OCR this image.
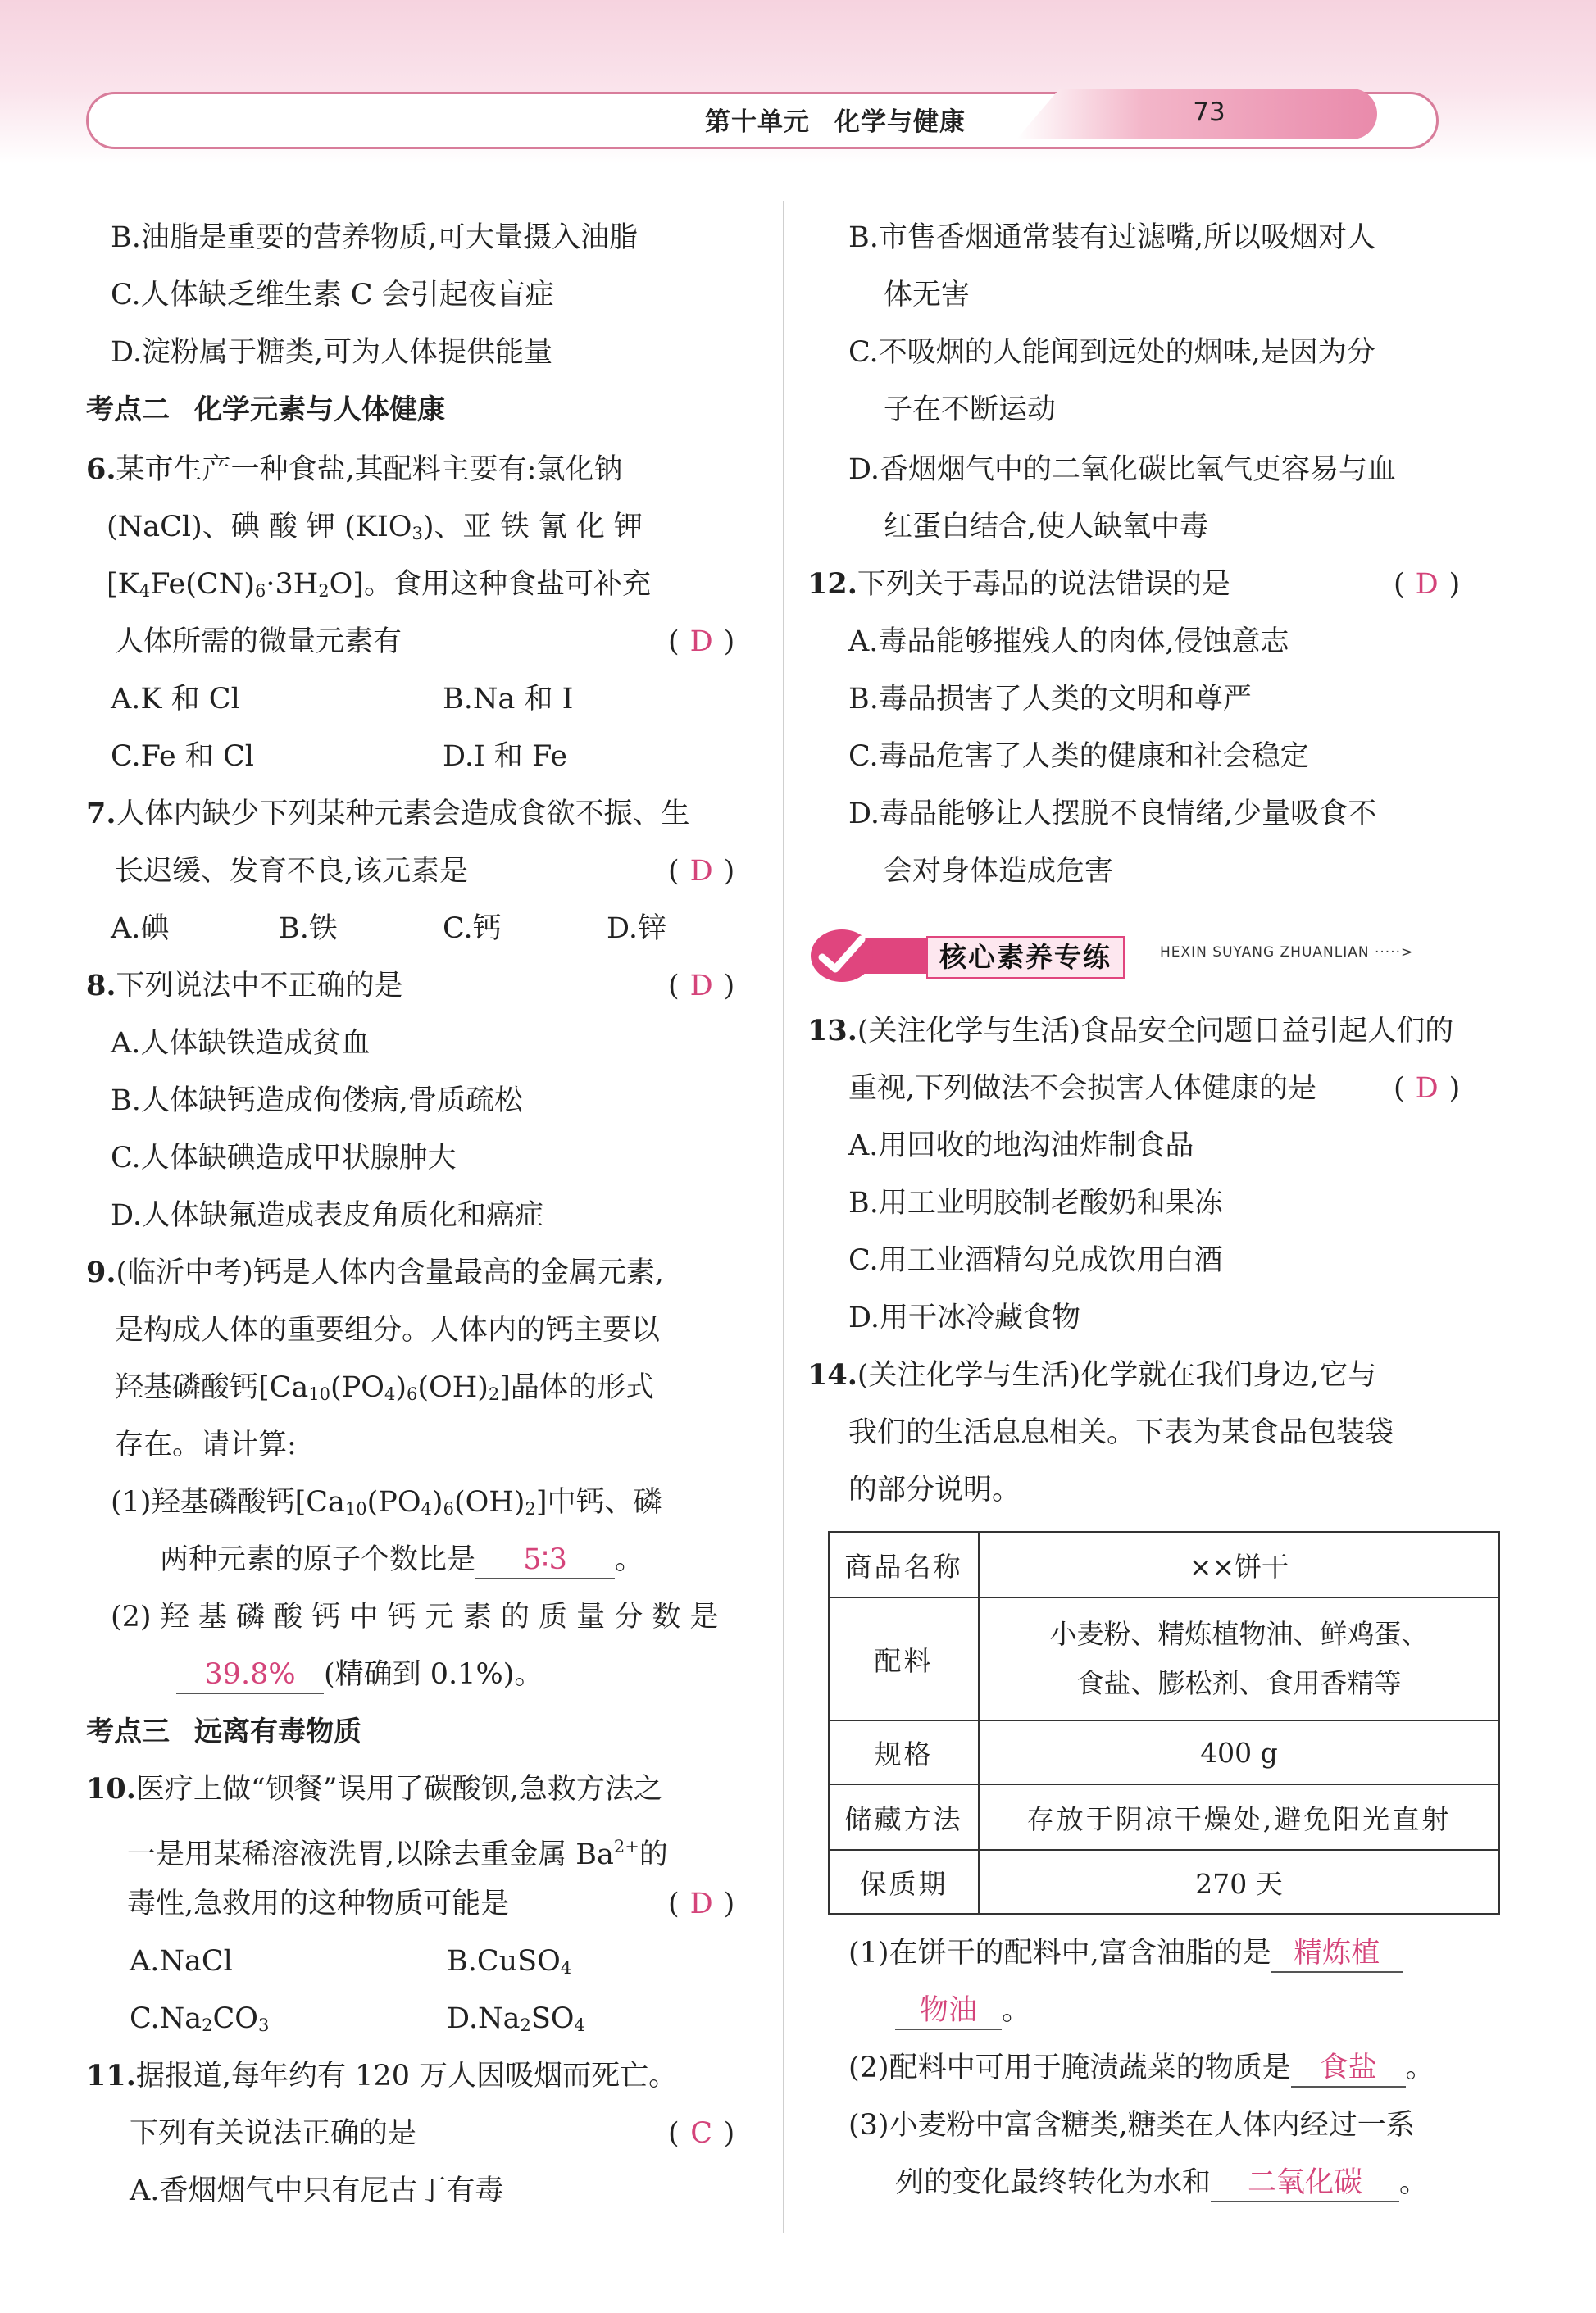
第十单元 化学与健康	73
B.油脂是重要的营养物质,可大量摄入油脂
C.人体缺乏维生素 C 会引起夜盲症
D.淀粉属于糖类,可为人体提供能量
考点二 化学元素与人体健康
6.某市生产一种食盐,其配料主要有:氯化钠
(NaCl)、碘 酸 钾 $(KIO_3)$、亚 铁 氰 化 钾
$[K_4Fe(CN)_6\cdot 3H_2O]$。食用这种食盐可补充
人体所需的微量元素有	( D )
A.K 和 Cl	B.Na 和 I
C.Fe 和 Cl	D.I 和 Fe
7.人体内缺少下列某种元素会造成食欲不振、生
长迟缓、发育不良,该元素是	( D )
A.碘	B.铁	C.钙	D.锌
8.下列说法中不正确的是	( D )
A.人体缺铁造成贫血
B.人体缺钙造成佝偻病,骨质疏松
C.人体缺碘造成甲状腺肿大
D.人体缺氟造成表皮角质化和癌症
9.(临沂中考)钙是人体内含量最高的金属元素,
是构成人体的重要组分。人体内的钙主要以
羟基磷酸钙$[Ca_{10}(PO_4)_6(OH)_2]$晶体的形式
存在。请计算:
(1)羟基磷酸钙$[Ca_{10}(PO_4)_6(OH)_2]$中钙、磷
两种元素的原子个数比是 5∶3 。
(2) 羟 基 磷 酸 钙 中 钙 元 素 的 质 量 分 数 是
39.8% (精确到 0.1%)。
考点三 远离有毒物质
10.医疗上做“钡餐”误用了碳酸钡,急救方法之
一是用某稀溶液洗胃,以除去重金属 $Ba^{2+}$的
毒性,急救用的这种物质可能是	( D )
A.NaCl	B.CuSO$_4$
$C.Na_2CO_3$	$D.Na_2SO_4$
11.据报道,每年约有 120 万人因吸烟而死亡。
下列有关说法正确的是	( C )
A.香烟烟气中只有尼古丁有毒
B.市售香烟通常装有过滤嘴,所以吸烟对人
体无害
C.不吸烟的人能闻到远处的烟味,是因为分
子在不断运动
D.香烟烟气中的二氧化碳比氧气更容易与血
红蛋白结合,使人缺氧中毒
12.下列关于毒品的说法错误的是	( D )
A.毒品能够摧残人的肉体,侵蚀意志
B.毒品损害了人类的文明和尊严
C.毒品危害了人类的健康和社会稳定
D.毒品能够让人摆脱不良情绪,少量吸食不
会对身体造成危害
核心素养专练	HEXIN SUYANG ZHUANLIAN ·····>
13.(关注化学与生活)食品安全问题日益引起人们的
重视,下列做法不会损害人体健康的是	( D )
A.用回收的地沟油炸制食品
B.用工业明胶制老酸奶和果冻
C.用工业酒精勾兑成饮用白酒
D.用干冰冷藏食物
14.(关注化学与生活)化学就在我们身边,它与
我们的生活息息相关。下表为某食品包装袋
的部分说明。
商品名称	××饼干
配料	小麦粉、精炼植物油、鲜鸡蛋、
食盐、膨松剂、食用香精等

规格	400 g
储藏方法	存放于阴凉干燥处,避免阳光直射
保质期	270 天
(1)在饼干的配料中,富含油脂的是 精炼植
物油 。
(2)配料中可用于腌渍蔬菜的物质是 食盐 。
(3)小麦粉中富含糖类,糖类在人体内经过一系
列的变化最终转化为水和 二氧化碳 。
